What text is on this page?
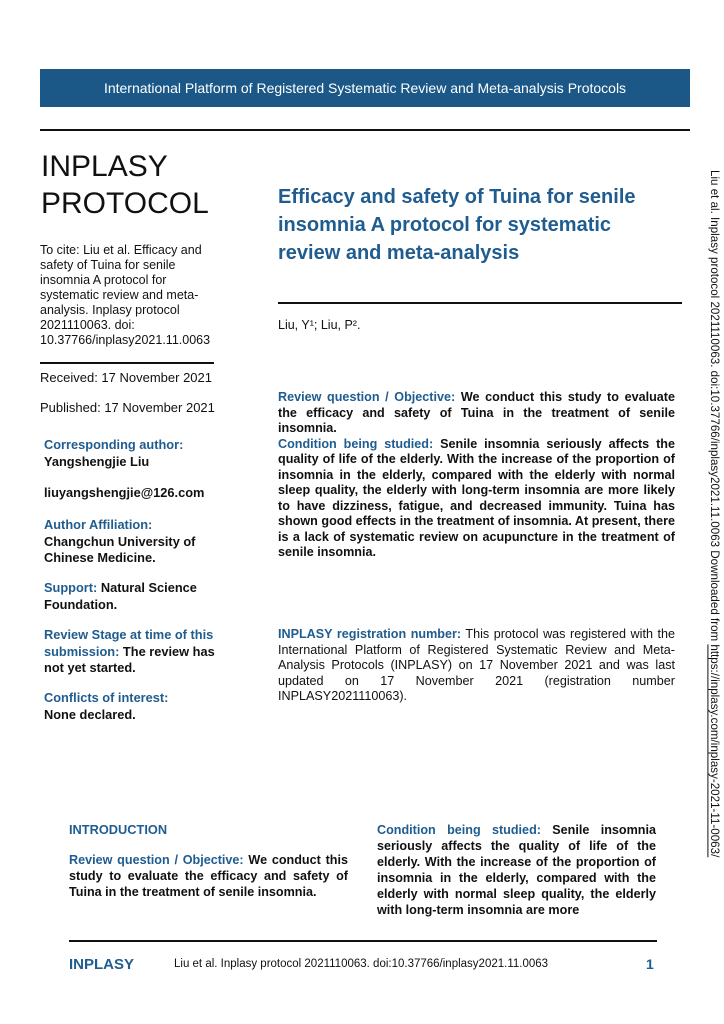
International Platform of Registered Systematic Review and Meta-analysis Protocols
INPLASY
PROTOCOL
To cite: Liu et al. Efficacy and safety of Tuina for senile insomnia A protocol for systematic review and meta-analysis. Inplasy protocol 2021110063. doi: 10.37766/inplasy2021.11.0063
Received: 17 November 2021
Published: 17 November 2021
Corresponding author:
Yangshengjie Liu
liuyangshengjie@126.com
Author Affiliation:
Changchun University of Chinese Medicine.
Support: Natural Science Foundation.
Review Stage at time of this submission: The review has not yet started.
Conflicts of interest:
None declared.
Efficacy and safety of Tuina for senile insomnia A protocol for systematic review and meta-analysis
Liu, Y¹; Liu, P².
Review question / Objective: We conduct this study to evaluate the efficacy and safety of Tuina in the treatment of senile insomnia.
Condition being studied: Senile insomnia seriously affects the quality of life of the elderly. With the increase of the proportion of insomnia in the elderly, compared with the elderly with normal sleep quality, the elderly with long-term insomnia are more likely to have dizziness, fatigue, and decreased immunity. Tuina has shown good effects in the treatment of insomnia. At present, there is a lack of systematic review on acupuncture in the treatment of senile insomnia.
INPLASY registration number: This protocol was registered with the International Platform of Registered Systematic Review and Meta-Analysis Protocols (INPLASY) on 17 November 2021 and was last updated on 17 November 2021 (registration number INPLASY2021110063).
INTRODUCTION
Review question / Objective: We conduct this study to evaluate the efficacy and safety of Tuina in the treatment of senile insomnia.
Condition being studied: Senile insomnia seriously affects the quality of life of the elderly. With the increase of the proportion of insomnia in the elderly, compared with the elderly with normal sleep quality, the elderly with long-term insomnia are more
INPLASY	Liu et al. Inplasy protocol 2021110063. doi:10.37766/inplasy2021.11.0063	1
Liu et al. Inplasy protocol 2021110063. doi:10.37766/inplasy2021.11.0063 Downloaded from https://inplasy.com/inplasy-2021-11-0063/
